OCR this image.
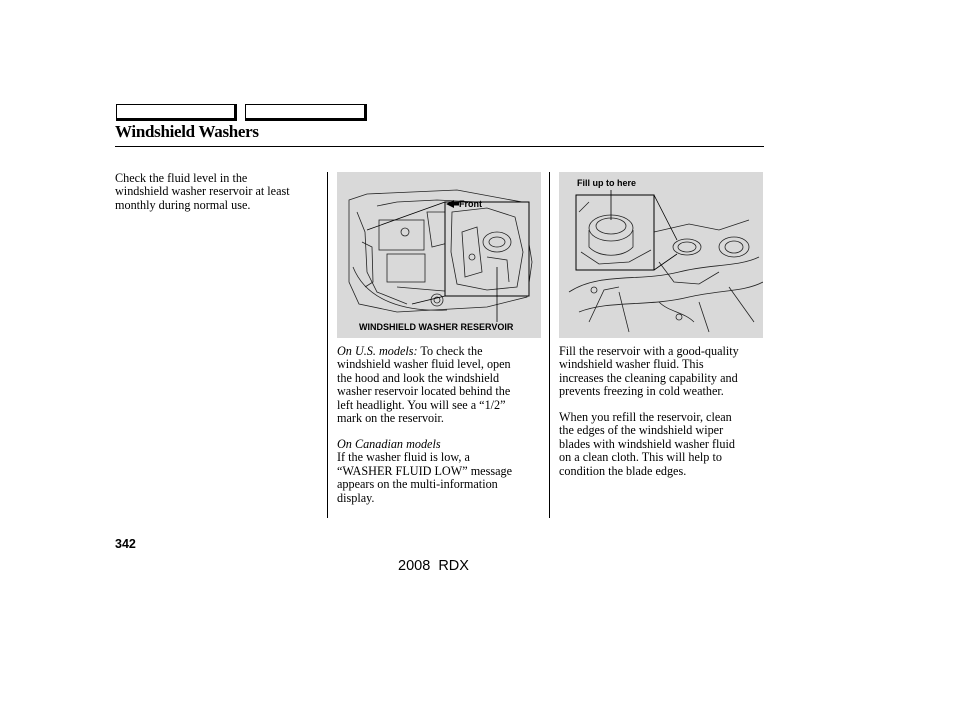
Windshield Washers
Check the fluid level in the
windshield washer reservoir at least
monthly during normal use.	Front
WINDSHIELD WASHER RESERVOIR
On U.S. models: To check the
windshield washer fluid level, open
the hood and look the windshield
washer reservoir located behind the
left headlight. You will see a “1/2”
mark on the reservoir.
On Canadian models
If the washer fluid is low, a
“WASHER FLUID LOW” message
appears on the multi-information
display.
Fill up to here
Fill the reservoir with a good-quality
windshield washer fluid. This
increases the cleaning capability and
prevents freezing in cold weather.
When you refill the reservoir, clean
the edges of the windshield wiper
blades with windshield washer fluid
on a clean cloth. This will help to
condition the blade edges.
342
2008  RDX
